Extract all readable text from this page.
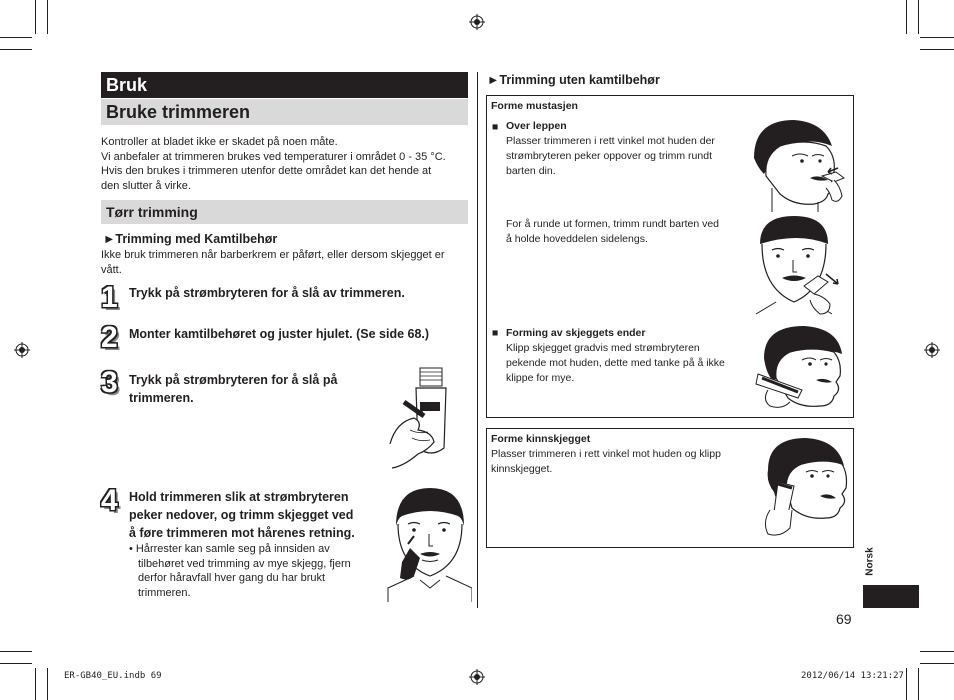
Bruk
Bruke trimmeren
Kontroller at bladet ikke er skadet på noen måte.
Vi anbefaler at trimmeren brukes ved temperaturer i området 0 - 35 °C.
Hvis den brukes i trimmeren utenfor dette området kan det hende at
den slutter å virke.
Tørr trimming
►Trimming med Kamtilbehør
Ikke bruk trimmeren når barberkrem er påført, eller dersom skjegget er
vått.
1 Trykk på strømbryteren for å slå av trimmeren.
2 Monter kamtilbehøret og juster hjulet. (Se side 68.)
3 Trykk på strømbryteren for å slå på
trimmeren.
4 Hold trimmeren slik at strømbryteren
peker nedover, og trimm skjegget ved
å føre trimmeren mot hårenes retning.
• Hårrester kan samle seg på innsiden av
tilbehøret ved trimming av mye skjegg, fjern
derfor håravfall hver gang du har brukt
trimmeren.
►Trimming uten kamtilbehør
Forme mustasjen
■ Over leppen
Plasser trimmeren i rett vinkel mot huden der
strømbryteren peker oppover og trimm rundt
barten din.
For å runde ut formen, trimm rundt barten ved
å holde hoveddelen sidelengs.
■ Forming av skjeggets ender
Klipp skjegget gradvis med strømbryteren
pekende mot huden, dette med tanke på å ikke
klippe for mye.
Forme kinnskjegget
Plasser trimmeren i rett vinkel mot huden og klipp
kinnskjegget.
Norsk
69
ER-GB40_EU.indb 69	2012/06/14 13:21:27
